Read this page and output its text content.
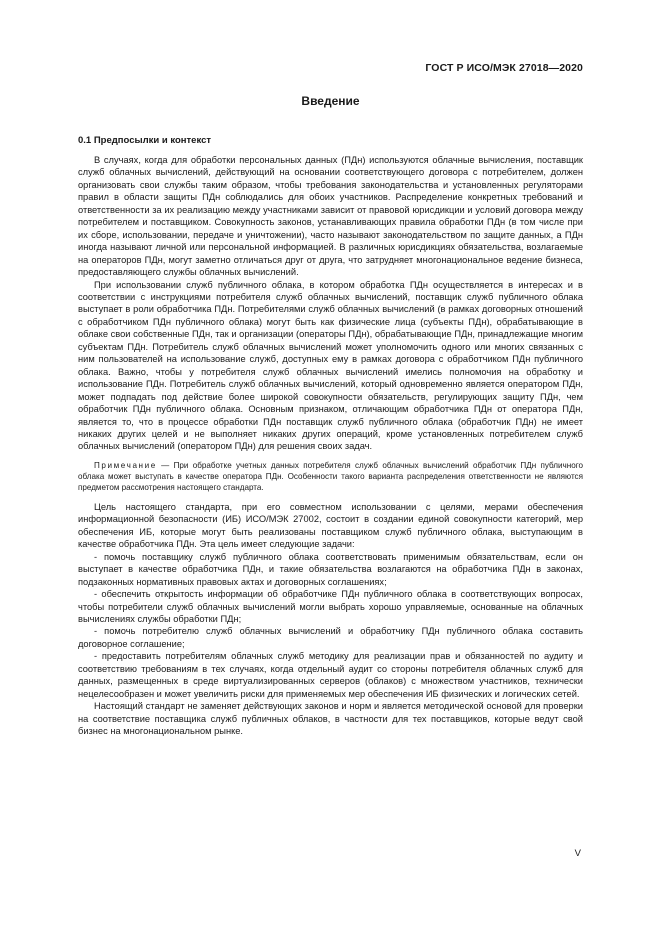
ГОСТ Р ИСО/МЭК 27018—2020
Введение
0.1 Предпосылки и контекст

В случаях, когда для обработки персональных данных (ПДн) используются облачные вычисления, поставщик служб облачных вычислений, действующий на основании соответствующего договора с потребителем, должен организовать свои службы таким образом, чтобы требования законодательства и установленных регуляторами правил в области защиты ПДн соблюдались для обоих участников. Распределение конкретных требований и ответственности за их реализацию между участниками зависит от правовой юрисдикции и условий договора между потребителем и поставщиком. Совокупность законов, устанавливающих правила обработки ПДн (в том числе при их сборе, использовании, передаче и уничтожении), часто называют законодательством по защите данных, а ПДн иногда называют личной или персональной информацией. В различных юрисдикциях обязательства, возлагаемые на операторов ПДн, могут заметно отличаться друг от друга, что затрудняет многонациональное ведение бизнеса, предоставляющего службы облачных вычислений.

При использовании служб публичного облака, в котором обработка ПДн осуществляется в интересах и в соответствии с инструкциями потребителя служб облачных вычислений, поставщик служб публичного облака выступает в роли обработчика ПДн. Потребителями служб облачных вычислений (в рамках договорных отношений с обработчиком ПДн публичного облака) могут быть как физические лица (субъекты ПДн), обрабатывающие в облаке свои собственные ПДн, так и организации (операторы ПДн), обрабатывающие ПДн, принадлежащие многим субъектам ПДн. Потребитель служб облачных вычислений может уполномочить одного или многих связанных с ним пользователей на использование служб, доступных ему в рамках договора с обработчиком ПДн публичного облака. Важно, чтобы у потребителя служб облачных вычислений имелись полномочия на обработку и использование ПДн. Потребитель служб облачных вычислений, который одновременно является оператором ПДн, может подпадать под действие более широкой совокупности обязательств, регулирующих защиту ПДн, чем обработчик ПДн публичного облака. Основным признаком, отличающим обработчика ПДн от оператора ПДн, является то, что в процессе обработки ПДн поставщик служб публичного облака (обработчик ПДн) не имеет никаких других целей и не выполняет никаких других операций, кроме установленных потребителем служб облачных вычислений (оператором ПДн) для решения своих задач.

Примечание — При обработке учетных данных потребителя служб облачных вычислений обработчик ПДн публичного облака может выступать в качестве оператора ПДн. Особенности такого варианта распределения ответственности не являются предметом рассмотрения настоящего стандарта.

Цель настоящего стандарта, при его совместном использовании с целями, мерами обеспечения информационной безопасности (ИБ) ИСО/МЭК 27002, состоит в создании единой совокупности категорий, мер обеспечения ИБ, которые могут быть реализованы поставщиком служб публичного облака, выступающим в качестве обработчика ПДн. Эта цель имеет следующие задачи:

- помочь поставщику служб публичного облака соответствовать применимым обязательствам, если он выступает в качестве обработчика ПДн, и такие обязательства возлагаются на обработчика ПДн в законах, подзаконных нормативных правовых актах и договорных соглашениях;

- обеспечить открытость информации об обработчике ПДн публичного облака в соответствующих вопросах, чтобы потребители служб облачных вычислений могли выбрать хорошо управляемые, основанные на облачных вычислениях службы обработки ПДн;

- помочь потребителю служб облачных вычислений и обработчику ПДн публичного облака составить договорное соглашение;

- предоставить потребителям облачных служб методику для реализации прав и обязанностей по аудиту и соответствию требованиям в тех случаях, когда отдельный аудит со стороны потребителя облачных служб для данных, размещенных в среде виртуализированных серверов (облаков) с множеством участников, технически нецелесообразен и может увеличить риски для применяемых мер обеспечения ИБ физических и логических сетей.

Настоящий стандарт не заменяет действующих законов и норм и является методической основой для проверки на соответствие поставщика служб публичных облаков, в частности для тех поставщиков, которые ведут свой бизнес на многонациональном рынке.

V
